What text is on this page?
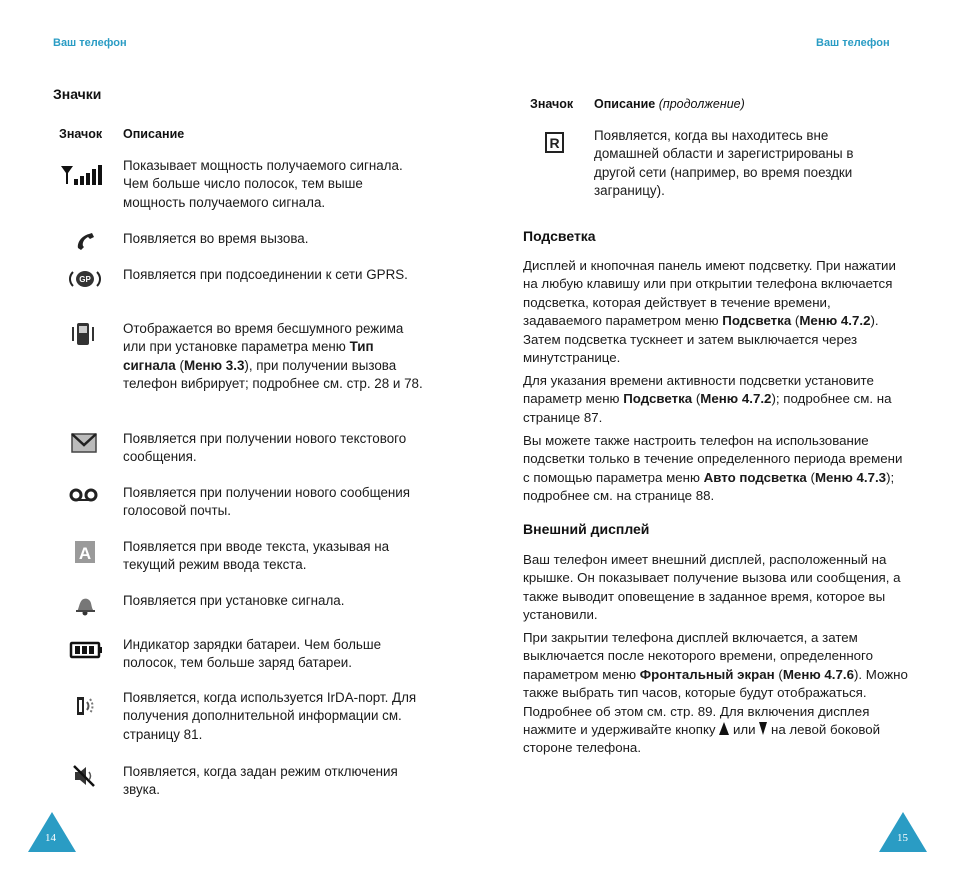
Ваш телефон	Ваш телефон
Значки
Значок Описание
Показывает мощность получаемого сигнала. Чем больше число полосок, тем выше мощность получаемого сигнала.
Появляется во время вызова.
GP Появляется при подсоединении к сети GPRS.
Отображается во время бесшумного режима или при установке параметра меню Тип сигнала (Меню 3.3), при получении вызова телефон вибрирует; подробнее см. стр. 28 и 78.
Появляется при получении нового текстового сообщения.
Появляется при получении нового сообщения голосовой почты.
A Появляется при вводе текста, указывая на текущий режим ввода текста.
Появляется при установке сигнала.
Индикатор зарядки батареи. Чем больше полосок, тем больше заряд батареи.
Появляется, когда используется IrDA-порт. Для получения дополнительной информации см. страницу 81.
Появляется, когда задан режим отключения звука.
14
Значок Описание (продолжение)
R	Появляется, когда вы находитесь вне домашней области и зарегистрированы в другой сети (например, во время поездки заграницу).
Подсветка
Дисплей и кнопочная панель имеют подсветку. При нажатии на любую клавишу или при открытии телефона включается подсветка, которая действует в течение времени, задаваемого параметром меню Подсветка (Меню 4.7.2). Затем подсветка тускнеет и затем выключается через минутстранице.
Для указания времени активности подсветки установите параметр меню Подсветка (Меню 4.7.2); подробнее см. на странице 87.
Вы можете также настроить телефон на использование подсветки только в течение определенного периода времени с помощью параметра меню Авто подсветка (Меню 4.7.3); подробнее см. на странице 88.
Внешний дисплей
Ваш телефон имеет внешний дисплей, расположенный на крышке. Он показывает получение вызова или сообщения, а также выводит оповещение в заданное время, которое вы установили.
При закрытии телефона дисплей включается, а затем выключается после некоторого времени, определенного параметром меню Фронтальный экран (Меню 4.7.6). Можно также выбрать тип часов, которые будут отображаться. Подробнее об этом см. стр. 89. Для включения дисплея нажмите и удерживайте кнопку  или  на левой боковой стороне телефона.
15
